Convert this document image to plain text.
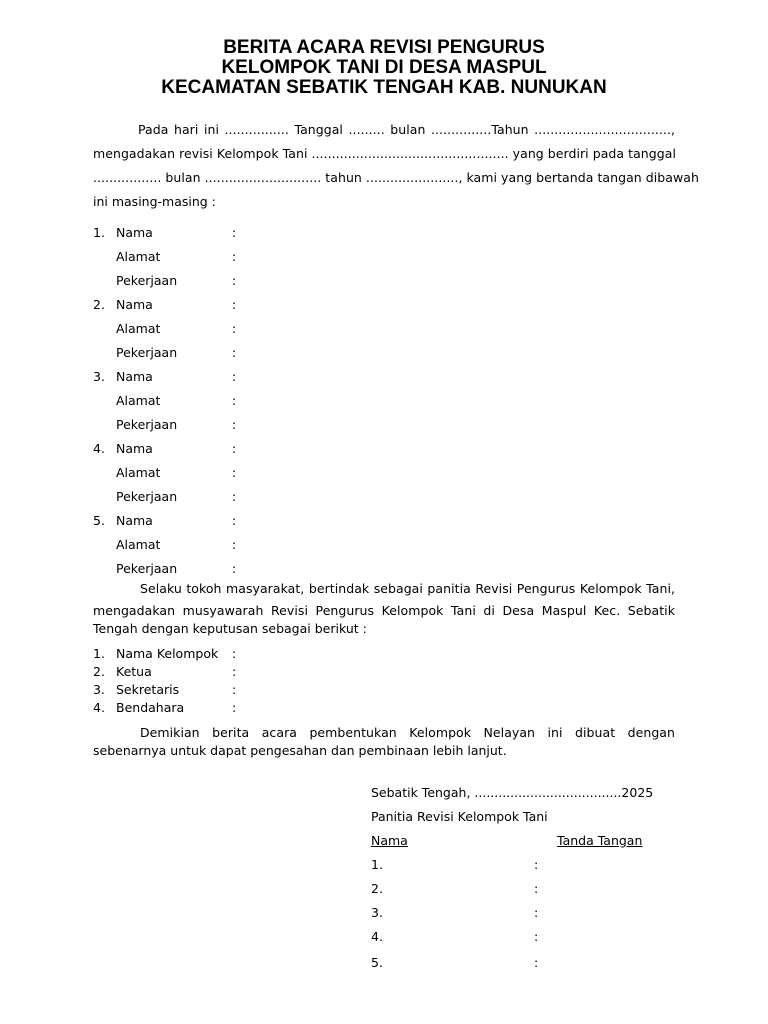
BERITA ACARA REVISI PENGURUS
KELOMPOK TANI DI DESA MASPUL
KECAMATAN SEBATIK TENGAH KAB. NUNUKAN
Pada hari ini ................ Tanggal ......... bulan ...............Tahun ..................................,
mengadakan revisi Kelompok Tani ................................................. yang berdiri pada tanggal
................. bulan ............................. tahun ......................., kami yang bertanda tangan dibawah
ini masing-masing :
1. Nama	:
Alamat	:
Pekerjaan	:
2. Nama	:
Alamat	:
Pekerjaan	:
3. Nama	:
Alamat	:
Pekerjaan	:
4. Nama	:
Alamat	:
Pekerjaan	:
5. Nama	:
Alamat	:
Pekerjaan	:
Selaku tokoh masyarakat, bertindak sebagai panitia Revisi Pengurus Kelompok Tani,
mengadakan musyawarah Revisi Pengurus Kelompok Tani di Desa Maspul Kec. Sebatik
Tengah dengan keputusan sebagai berikut :
1. Nama Kelompok :
2. Ketua	:
3. Sekretaris	:
4. Bendahara	:
Demikian berita acara pembentukan Kelompok Nelayan ini dibuat dengan
sebenarnya untuk dapat pengesahan dan pembinaan lebih lanjut.
Sebatik Tengah, .....................................2025
Panitia Revisi Kelompok Tani
Nama	Tanda Tangan
1.	:
2.	:
3.	:
4.	:
5.	:
